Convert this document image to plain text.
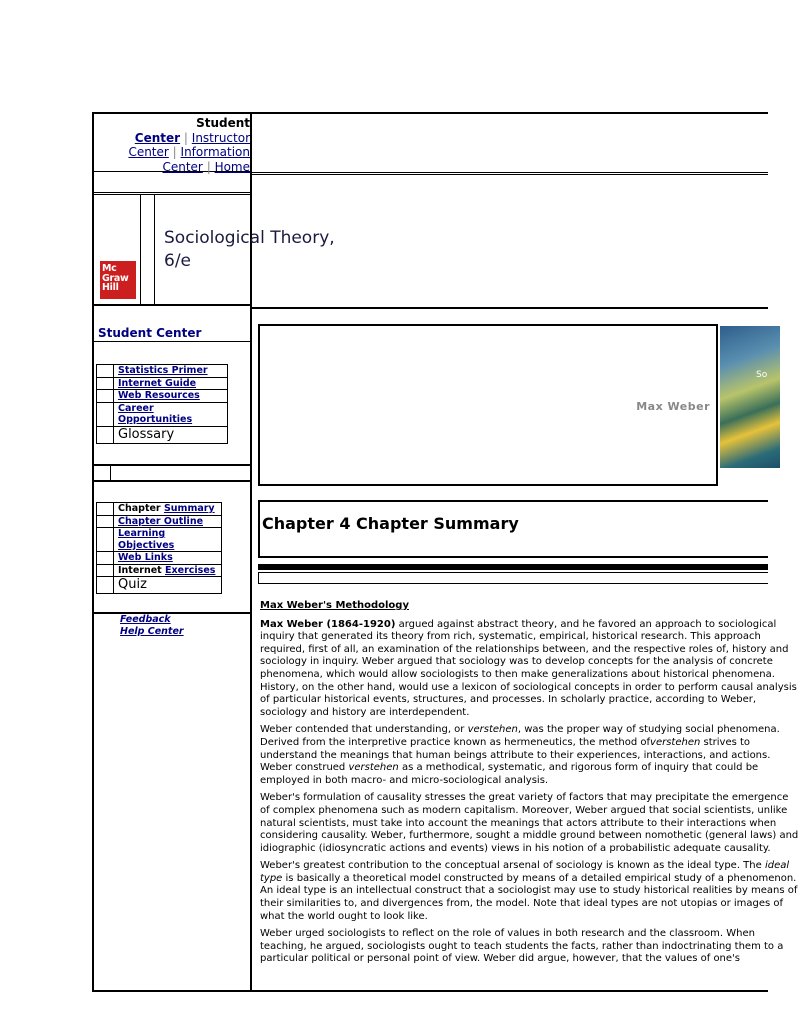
Student
Center | Instructor
Center | Information
Center | Home
Mc
Graw
Hill
Student Center
Statistics Primer
Internet Guide
Web Resources
Career
Opportunities
Glossary
Chapter Summary
Chapter Outline
Learning
Objectives
Web Links
Internet Exercises
Quiz
Feedback
Help Center
Sociological Theory,
6/e
Max Weber
So
Chapter 4 Chapter Summary
Max Weber's Methodology

Max Weber (1864-1920) argued against abstract theory, and he favored an approach to sociological inquiry that generated its theory from rich, systematic, empirical, historical research. This approach required, first of all, an examination of the relationships between, and the respective roles of, history and sociology in inquiry. Weber argued that sociology was to develop concepts for the analysis of concrete phenomena, which would allow sociologists to then make generalizations about historical phenomena. History, on the other hand, would use a lexicon of sociological concepts in order to perform causal analysis of particular historical events, structures, and processes. In scholarly practice, according to Weber, sociology and history are interdependent.

Weber contended that understanding, or verstehen, was the proper way of studying social phenomena. Derived from the interpretive practice known as hermeneutics, the method ofverstehen strives to understand the meanings that human beings attribute to their experiences, interactions, and actions. Weber construed verstehen as a methodical, systematic, and rigorous form of inquiry that could be employed in both macro- and micro-sociological analysis.

Weber's formulation of causality stresses the great variety of factors that may precipitate the emergence of complex phenomena such as modern capitalism. Moreover, Weber argued that social scientists, unlike natural scientists, must take into account the meanings that actors attribute to their interactions when considering causality. Weber, furthermore, sought a middle ground between nomothetic (general laws) and idiographic (idiosyncratic actions and events) views in his notion of a probabilistic adequate causality.

Weber's greatest contribution to the conceptual arsenal of sociology is known as the ideal type. The ideal type is basically a theoretical model constructed by means of a detailed empirical study of a phenomenon. An ideal type is an intellectual construct that a sociologist may use to study historical realities by means of their similarities to, and divergences from, the model. Note that ideal types are not utopias or images of what the world ought to look like.

Weber urged sociologists to reflect on the role of values in both research and the classroom. When teaching, he argued, sociologists ought to teach students the facts, rather than indoctrinating them to a particular political or personal point of view. Weber did argue, however, that the values of one's
